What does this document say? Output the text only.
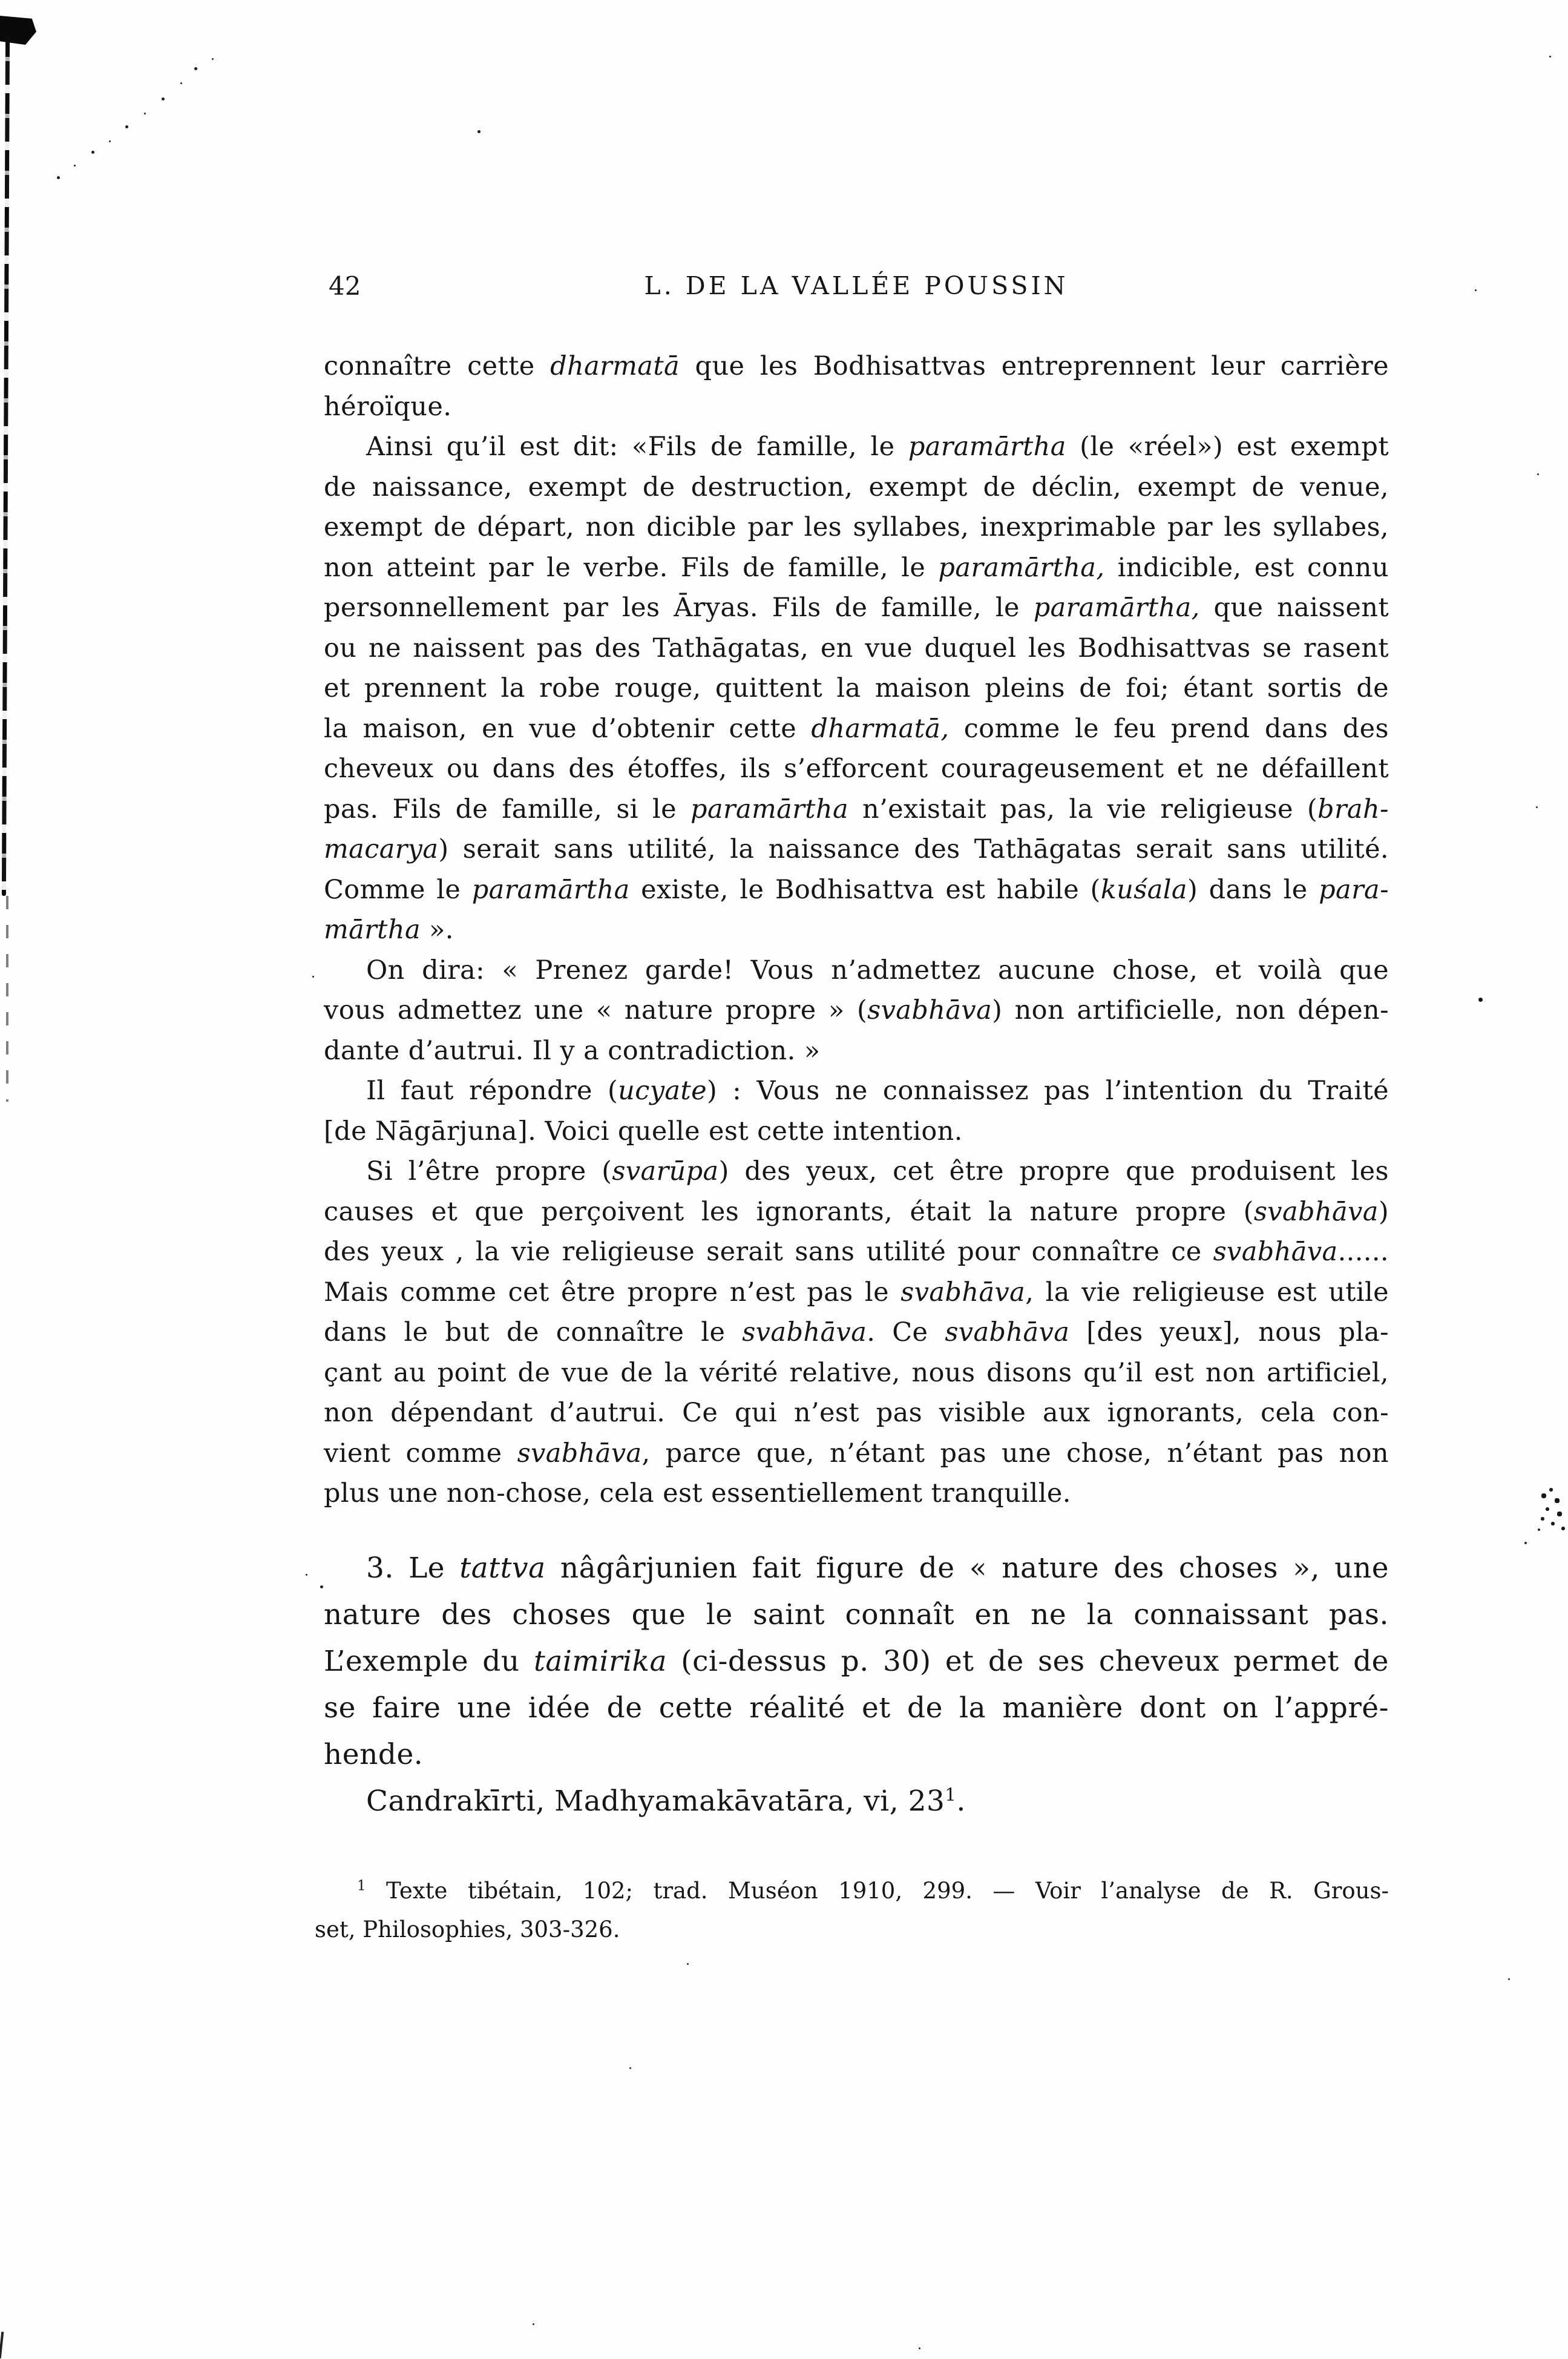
42	L. DE LA VALLÉE POUSSIN
connaître cette dharmatā que les Bodhisattvas entreprennent leur carrière
héroïque.
Ainsi qu’il est dit: «Fils de famille, le paramārtha (le «réel») est exempt
de naissance, exempt de destruction, exempt de déclin, exempt de venue,
exempt de départ, non dicible par les syllabes, inexprimable par les syllabes,
non atteint par le verbe. Fils de famille, le paramārtha, indicible, est connu
personnellement par les Āryas. Fils de famille, le paramārtha, que naissent
ou ne naissent pas des Tathāgatas, en vue duquel les Bodhisattvas se rasent
et prennent la robe rouge, quittent la maison pleins de foi; étant sortis de
la maison, en vue d’obtenir cette dharmatā, comme le feu prend dans des
cheveux ou dans des étoffes, ils s’efforcent courageusement et ne défaillent
pas. Fils de famille, si le paramārtha n’existait pas, la vie religieuse (brah-
macarya) serait sans utilité, la naissance des Tathāgatas serait sans utilité.
Comme le paramārtha existe, le Bodhisattva est habile (kuśala) dans le para-
mārtha ».
On dira: « Prenez garde! Vous n’admettez aucune chose, et voilà que
vous admettez une « nature propre » (svabhāva) non artificielle, non dépen-
dante d’autrui. Il y a contradiction. »
Il faut répondre (ucyate) : Vous ne connaissez pas l’intention du Traité
[de Nāgārjuna]. Voici quelle est cette intention.
Si l’être propre (svarūpa) des yeux, cet être propre que produisent les
causes et que perçoivent les ignorants, était la nature propre (svabhāva)
des yeux , la vie religieuse serait sans utilité pour connaître ce svabhāva......
Mais comme cet être propre n’est pas le svabhāva, la vie religieuse est utile
dans le but de connaître le svabhāva. Ce svabhāva [des yeux], nous pla-
çant au point de vue de la vérité relative, nous disons qu’il est non artificiel,
non dépendant d’autrui. Ce qui n’est pas visible aux ignorants, cela con-
vient comme svabhāva, parce que, n’étant pas une chose, n’étant pas non
plus une non-chose, cela est essentiellement tranquille.
3. Le tattva nâgârjunien fait figure de « nature des choses », une
nature des choses que le saint connaît en ne la connaissant pas.
L’exemple du taimirika (ci-dessus p. 30) et de ses cheveux permet de
se faire une idée de cette réalité et de la manière dont on l’appré-
hende.
Candrakīrti, Madhyamakāvatāra, vi, $23^1$.
$^1$ Texte tibétain, 102; trad. Muséon 1910, 299. — Voir l’analyse de R. Grous-
set, Philosophies, 303-326.
